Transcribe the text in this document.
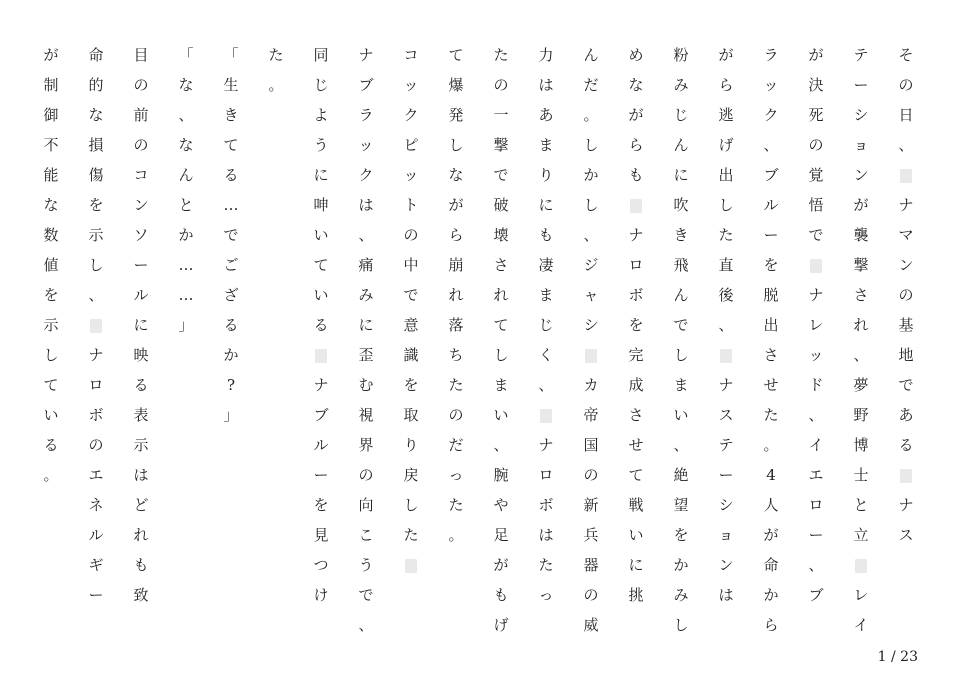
そ
の
日
、
ナ
マ
ン
の
基
地
で
あ
る
ナ
ス
テ
ー
シ
ョ
ン
が
襲
撃
さ
れ
、
夢
野
博
士
と
立
レ
イ
が
決
死
の
覚
悟
で
ナ
レ
ッ
ド
、
イ
エ
ロ
ー
、
ブ
ラ
ッ
ク
、
ブ
ル
ー
を
脱
出
さ
せ
た
。
4
人
が
命
か
ら
が
ら
逃
げ
出
し
た
直
後
、
ナ
ス
テ
ー
シ
ョ
ン
は
粉
み
じ
ん
に
吹
き
飛
ん
で
し
ま
い
、
絶
望
を
か
み
し
め
な
が
ら
も
ナ
ロ
ボ
を
完
成
さ
せ
て
戦
い
に
挑
ん
だ
。
し
か
し
、
ジ
ャ
シ
カ
帝
国
の
新
兵
器
の
威
力
は
あ
ま
り
に
も
凄
ま
じ
く
、
ナ
ロ
ボ
は
た
っ
た
の
一
撃
で
破
壊
さ
れ
て
し
ま
い
、
腕
や
足
が
も
げ
て
爆
発
し
な
が
ら
崩
れ
落
ち
た
の
だ
っ
た
。
コ
ッ
ク
ピ
ッ
ト
の
中
で
意
識
を
取
り
戻
し
た
ナ
ブ
ラ
ッ
ク
は
、
痛
み
に
歪
む
視
界
の
向
こ
う
で
、
同
じ
よ
う
に
呻
い
て
い
る
ナ
ブ
ル
ー
を
見
つ
け
た
。
「
生
き
て
る
…
で
ご
ざ
る
か
?
」
「
な
、
な
ん
と
か
…
…
」
目
の
前
の
コ
ン
ソ
ー
ル
に
映
る
表
示
は
ど
れ
も
致
命
的
な
損
傷
を
示
し
、
ナ
ロ
ボ
の
エ
ネ
ル
ギ
ー
が
制
御
不
能
な
数
値
を
示
し
て
い
る
。
1 / 23
